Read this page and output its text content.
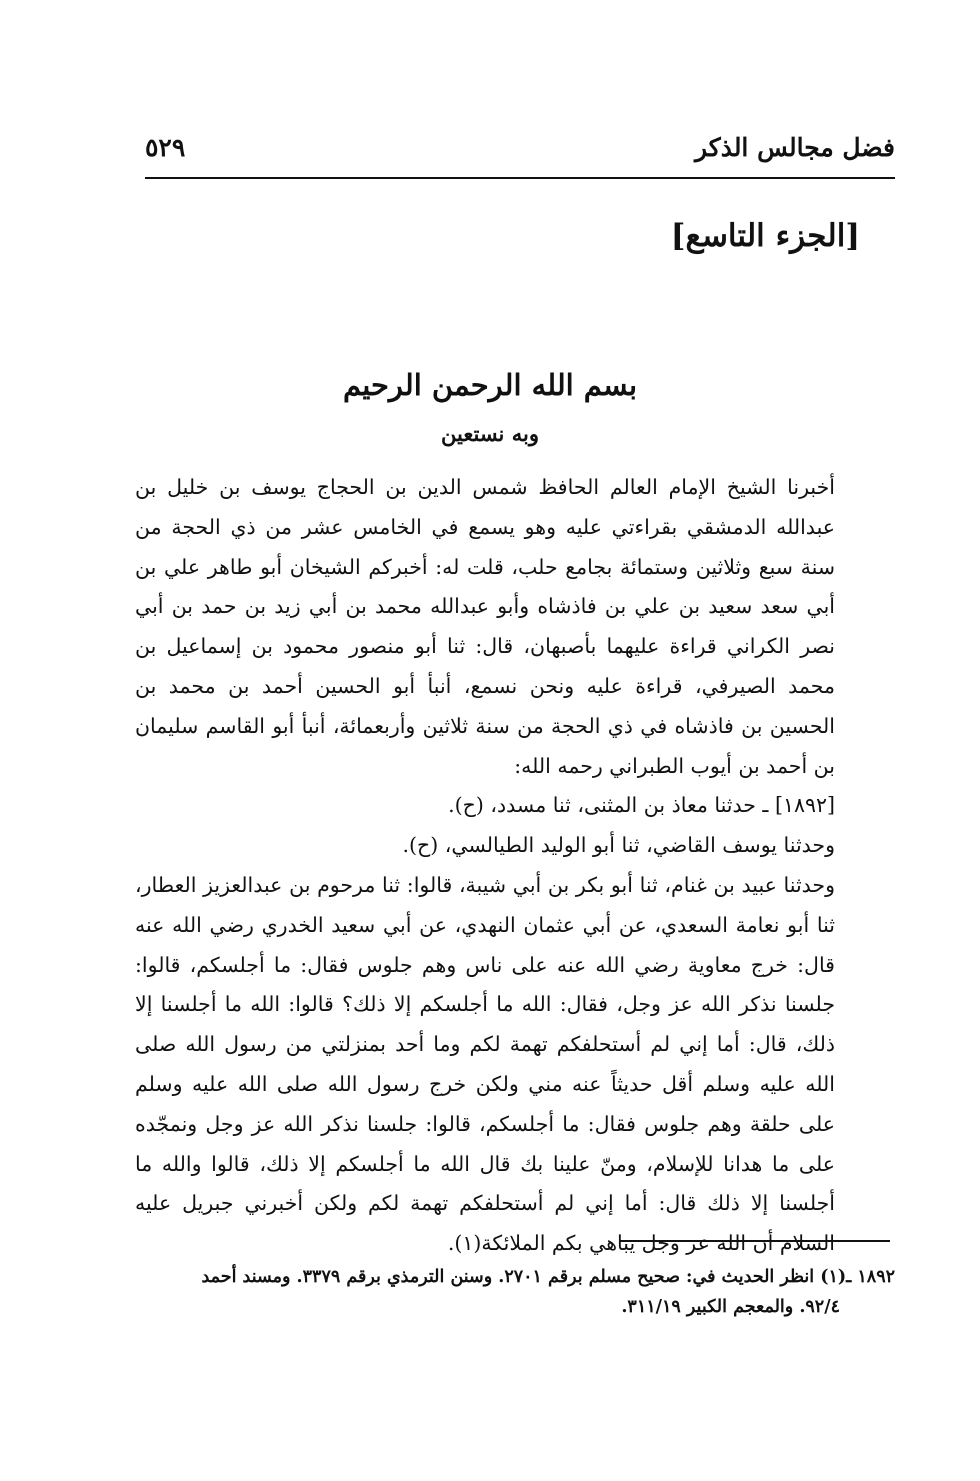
فضل مجالس الذكر
٥٢٩
[الجزء التاسع]
بسم الله الرحمن الرحيم
وبه نستعين

أخبرنا الشيخ الإمام العالم الحافظ شمس الدين بن الحجاج يوسف بن خليل بن عبدالله الدمشقي بقراءتي عليه وهو يسمع في الخامس عشر من ذي الحجة من سنة سبع وثلاثين وستمائة بجامع حلب، قلت له: أخبركم الشيخان أبو طاهر علي بن أبي سعد سعيد بن علي بن فاذشاه وأبو عبدالله محمد بن أبي زيد بن حمد بن أبي نصر الكراني قراءة عليهما بأصبهان، قال: ثنا أبو منصور محمود بن إسماعيل بن محمد الصيرفي، قراءة عليه ونحن نسمع، أنبأ أبو الحسين أحمد بن محمد بن الحسين بن فاذشاه في ذي الحجة من سنة ثلاثين وأربعمائة، أنبأ أبو القاسم سليمان بن أحمد بن أيوب الطبراني رحمه الله:

[١٨٩٢] ـ حدثنا معاذ بن المثنى، ثنا مسدد، (ح).

وحدثنا يوسف القاضي، ثنا أبو الوليد الطيالسي، (ح).

وحدثنا عبيد بن غنام، ثنا أبو بكر بن أبي شيبة، قالوا: ثنا مرحوم بن عبدالعزيز العطار، ثنا أبو نعامة السعدي، عن أبي عثمان النهدي، عن أبي سعيد الخدري رضي الله عنه قال: خرج معاوية رضي الله عنه على ناس وهم جلوس فقال: ما أجلسكم، قالوا: جلسنا نذكر الله عز وجل، فقال: الله ما أجلسكم إلا ذلك؟ قالوا: الله ما أجلسنا إلا ذلك، قال: أما إني لم أستحلفكم تهمة لكم وما أحد بمنزلتي من رسول الله صلى الله عليه وسلم أقل حديثاً عنه مني ولكن خرج رسول الله صلى الله عليه وسلم على حلقة وهم جلوس فقال: ما أجلسكم، قالوا: جلسنا نذكر الله عز وجل ونمجّده على ما هدانا للإسلام، ومنّ علينا بك قال الله ما أجلسكم إلا ذلك، قالوا والله ما أجلسنا إلا ذلك قال: أما إني لم أستحلفكم تهمة لكم ولكن أخبرني جبريل عليه السلام أن الله عز وجل يباهي بكم الملائكة(١).

١٨٩٢ ـ(١) انظر الحديث في: صحيح مسلم برقم ٢٧٠١. وسنن الترمذي برقم ٣٣٧٩. ومسند أحمد

٩٢/٤. والمعجم الكبير ٣١١/١٩.
